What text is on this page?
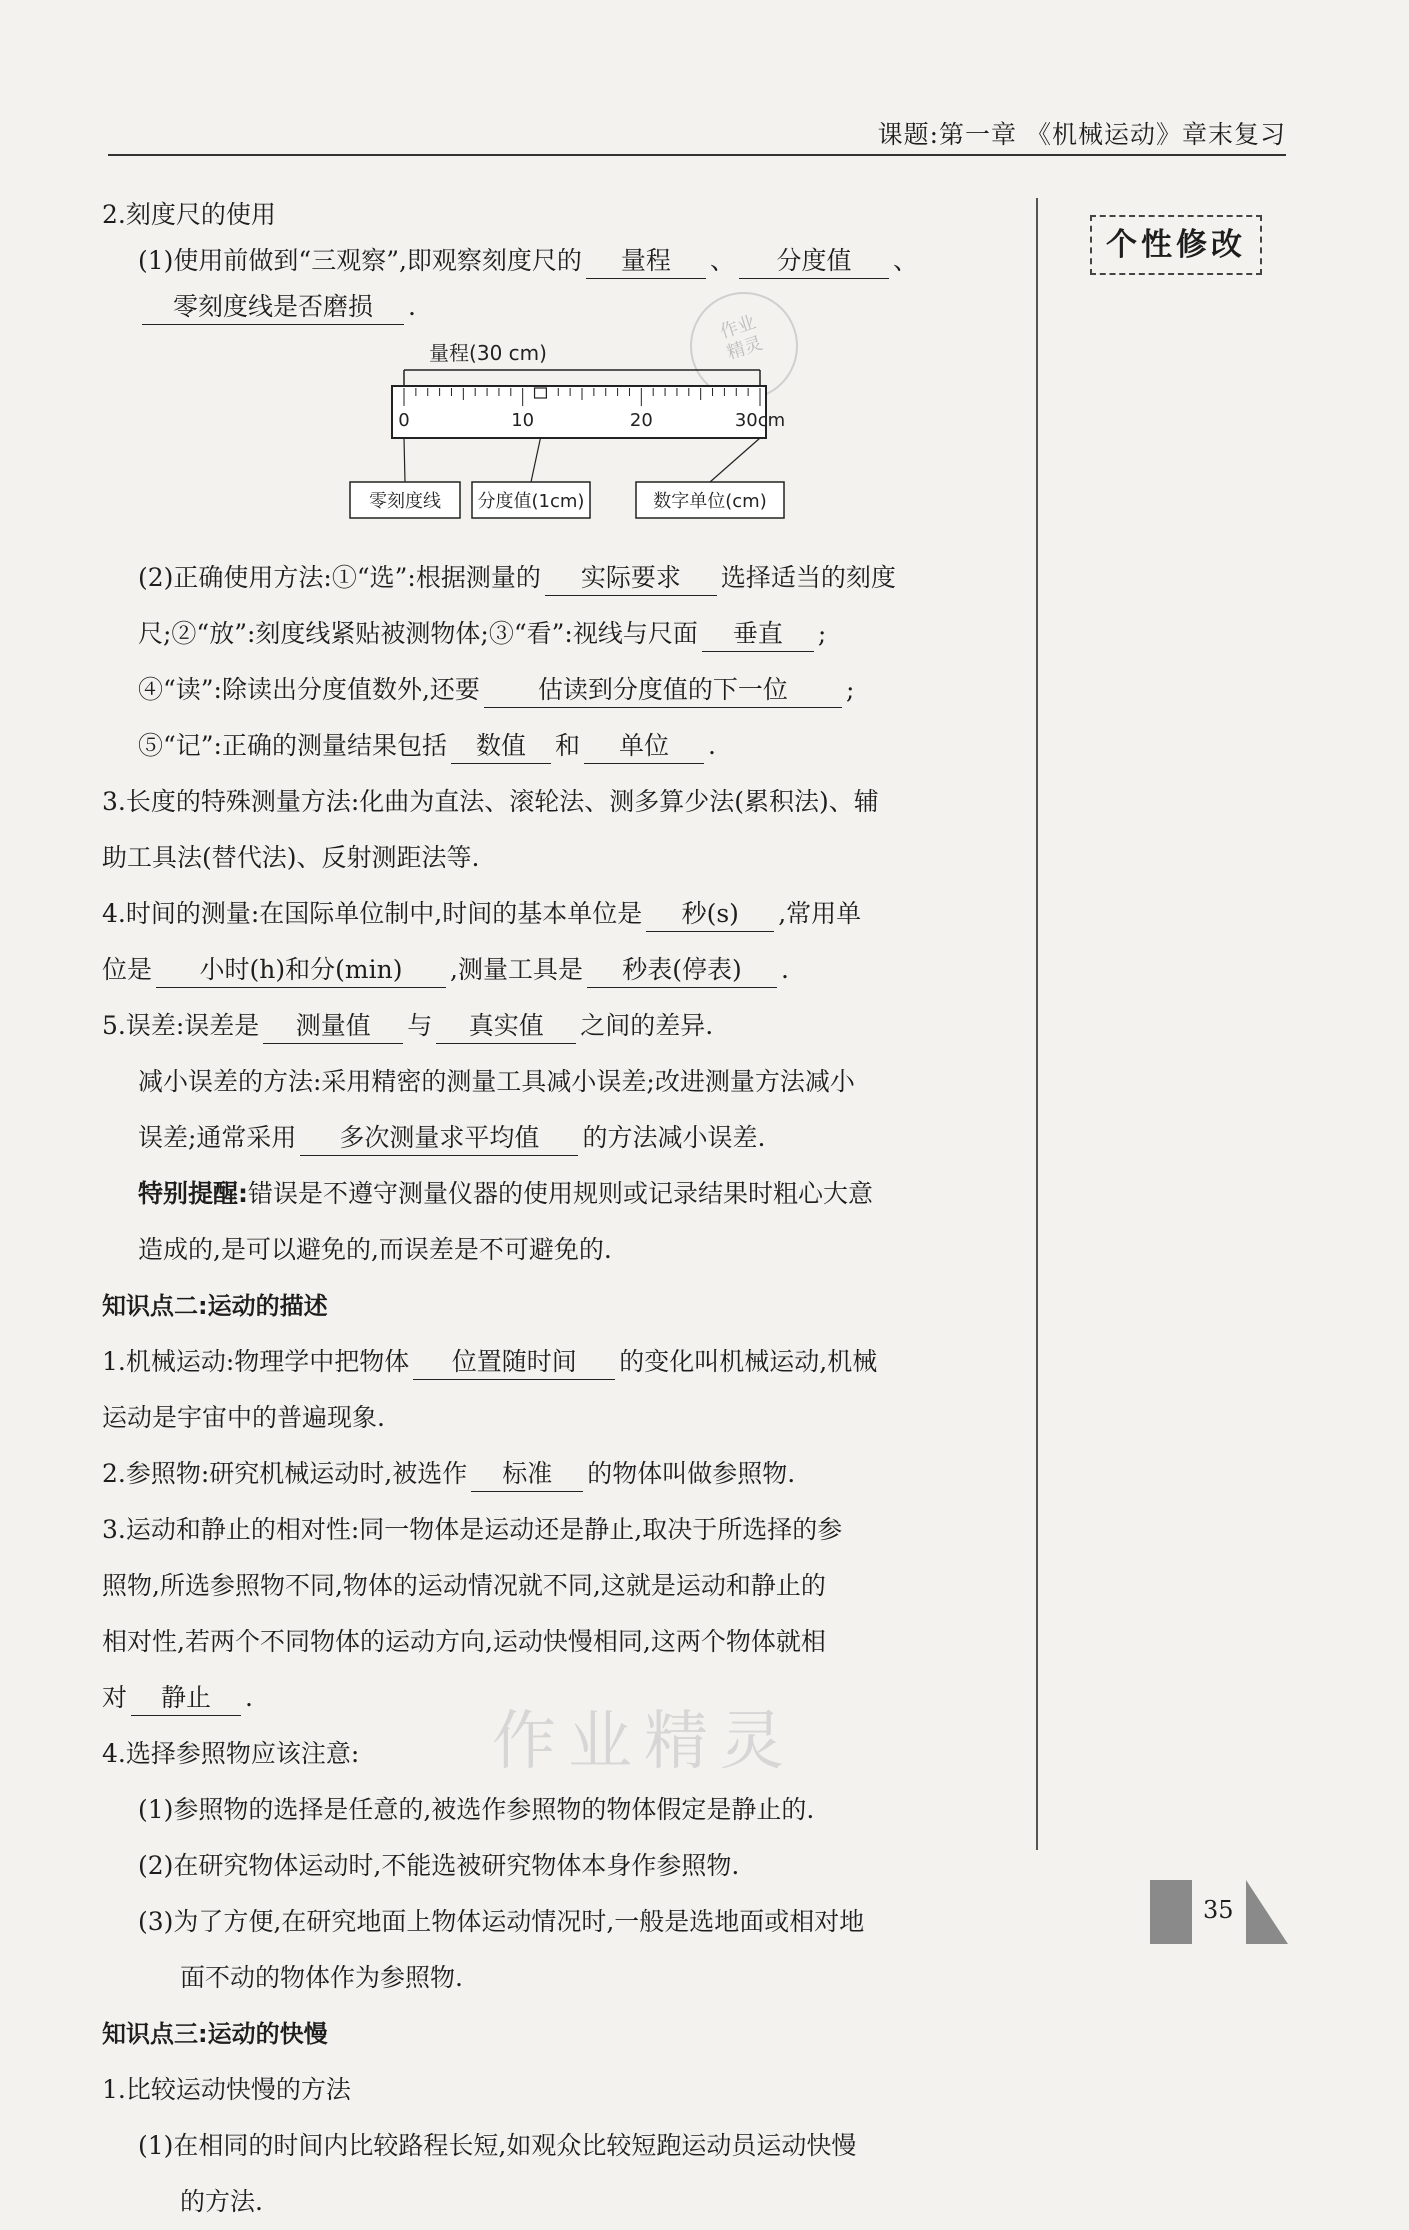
课题:第一章 《机械运动》章末复习
个性修改
作业
精灵
2.刻度尺的使用
(1)使用前做到“三观察”,即观察刻度尺的 量程 、 分度值 、
零刻度线是否磨损 .
量程(30 cm)
0	10	20	30cm
零刻度线 分度值(1cm)	数字单位(cm)
(2)正确使用方法:①“选”:根据测量的 实际要求 选择适当的刻度
尺;②“放”:刻度线紧贴被测物体;③“看”:视线与尺面 垂直 ;
④“读”:除读出分度值数外,还要 估读到分度值的下一位 ;
⑤“记”:正确的测量结果包括 数值 和 单位 .
3.长度的特殊测量方法:化曲为直法、滚轮法、测多算少法(累积法)、辅
助工具法(替代法)、反射测距法等.
4.时间的测量:在国际单位制中,时间的基本单位是 秒(s) ,常用单
位是 小时(h)和分(min) ,测量工具是 秒表(停表) .
5.误差:误差是 测量值 与 真实值 之间的差异.
减小误差的方法:采用精密的测量工具减小误差;改进测量方法减小
误差;通常采用 多次测量求平均值 的方法减小误差.
特别提醒:错误是不遵守测量仪器的使用规则或记录结果时粗心大意
造成的,是可以避免的,而误差是不可避免的.
知识点二:运动的描述
1.机械运动:物理学中把物体 位置随时间 的变化叫机械运动,机械
运动是宇宙中的普遍现象.
2.参照物:研究机械运动时,被选作 标准 的物体叫做参照物.
3.运动和静止的相对性:同一物体是运动还是静止,取决于所选择的参
照物,所选参照物不同,物体的运动情况就不同,这就是运动和静止的
相对性,若两个不同物体的运动方向,运动快慢相同,这两个物体就相
对 静止 .
4.选择参照物应该注意:
(1)参照物的选择是任意的,被选作参照物的物体假定是静止的.
(2)在研究物体运动时,不能选被研究物体本身作参照物.
(3)为了方便,在研究地面上物体运动情况时,一般是选地面或相对地
面不动的物体作为参照物.
知识点三:运动的快慢
1.比较运动快慢的方法
(1)在相同的时间内比较路程长短,如观众比较短跑运动员运动快慢
的方法.
作业精灵
35
